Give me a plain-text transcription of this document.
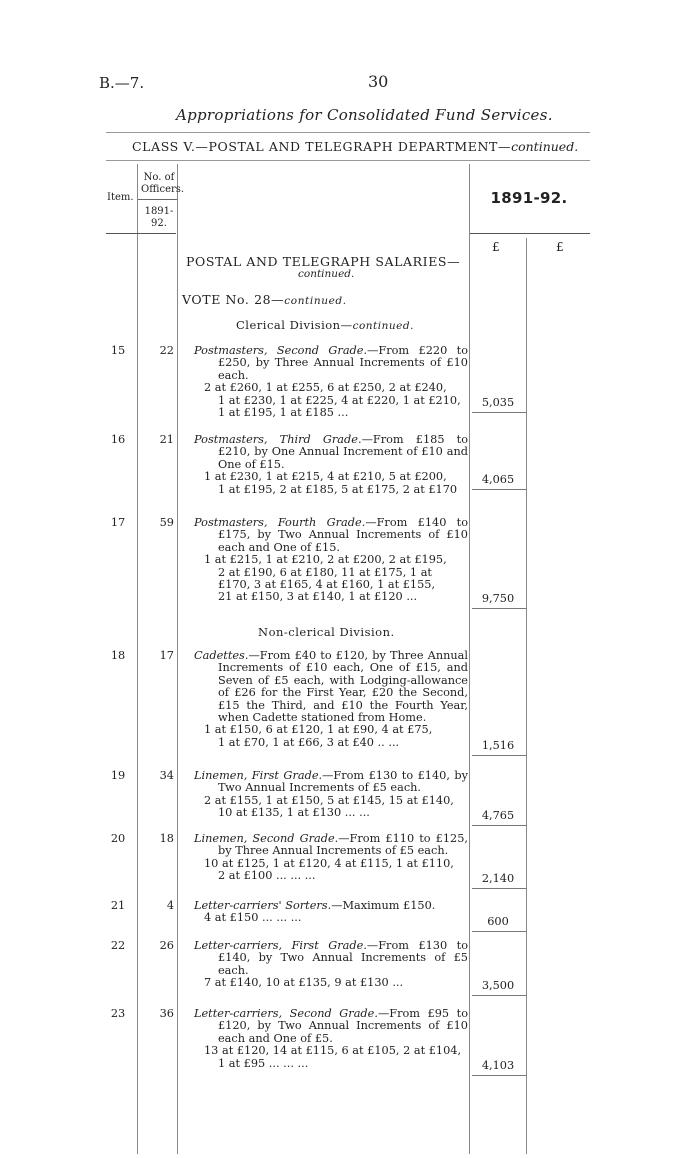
B.—7.	30
Appropriations for Consolidated Fund Services.
CLASS V.—POSTAL AND TELEGRAPH DEPARTMENT—continued.
Item.
No. of
Officers.
1891-92.
1891-92.
£	£
POSTAL AND TELEGRAPH SALARIES—
continued.
VOTE No. 28—continued.
Clerical Division—continued.
Non-clerical Division.
15	22 Postmasters, Second Grade.—From £220 to £250, by Three Annual Increments of £10 each.

2 at £260, 1 at £255, 6 at £250, 2 at £240,

1 at £230, 1 at £225, 4 at £220, 1 at £210,

1 at £195, 1 at £185 ...

5,035
16	21 Postmasters, Third Grade.—From £185 to £210, by One Annual Increment of £10 and One of £15.

1 at £230, 1 at £215, 4 at £210, 5 at £200,

1 at £195, 2 at £185, 5 at £175, 2 at £170

4,065
17	59 Postmasters, Fourth Grade.—From £140 to £175, by Two Annual Increments of £10 each and One of £15.

1 at £215, 1 at £210, 2 at £200, 2 at £195,

2 at £190, 6 at £180, 11 at £175, 1 at

£170, 3 at £165, 4 at £160, 1 at £155,

21 at £150, 3 at £140, 1 at £120 ...	9,750
18	17 Cadettes.—From £40 to £120, by Three Annual Increments of £10 each, One of £15, and Seven of £5 each, with Lodging-allowance of £26 for the First Year, £20 the Second, £15 the Third, and £10 the Fourth Year, when Cadette stationed from Home.

1 at £150, 6 at £120, 1 at £90, 4 at £75,

1 at £70, 1 at £66, 3 at £40 .. ...	1,516
19	34 Linemen, First Grade.—From £130 to £140, by Two Annual Increments of £5 each.

2 at £155, 1 at £150, 5 at £145, 15 at £140,

10 at £135, 1 at £130 ... ...	4,765
20	18 Linemen, Second Grade.—From £110 to £125, by Three Annual Increments of £5 each.

10 at £125, 1 at £120, 4 at £115, 1 at £110,

2 at £100 ... ... ...	2,140
21	4 Letter-carriers' Sorters.—Maximum £150.

4 at £150 ... ... ...	600
22	26 Letter-carriers, First Grade.—From £130 to £140, by Two Annual Increments of £5 each.

7 at £140, 10 at £135, 9 at £130 ...	3,500
23	36 Letter-carriers, Second Grade.—From £95 to £120, by Two Annual Increments of £10 each and One of £5.

13 at £120, 14 at £115, 6 at £105, 2 at £104,

1 at £95 ... ... ...	4,103
